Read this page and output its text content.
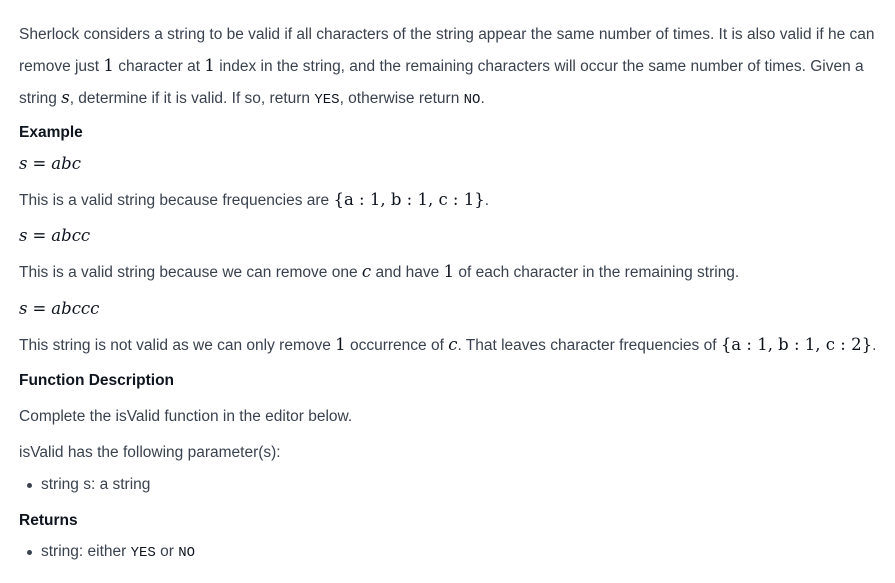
Sherlock considers a string to be valid if all characters of the string appear the same number of times. It is also valid if he can remove just 1 character at 1 index in the string, and the remaining characters will occur the same number of times. Given a string s, determine if it is valid. If so, return YES, otherwise return NO.

Example

s = abc

This is a valid string because frequencies are {a : 1, b : 1, c : 1}.

s = abcc

This is a valid string because we can remove one c and have 1 of each character in the remaining string.

s = abccc

This string is not valid as we can only remove 1 occurrence of c. That leaves character frequencies of {a : 1, b : 1, c : 2}.

Function Description

Complete the isValid function in the editor below.

isValid has the following parameter(s):

string s: a string

Returns

string: either YES or NO
